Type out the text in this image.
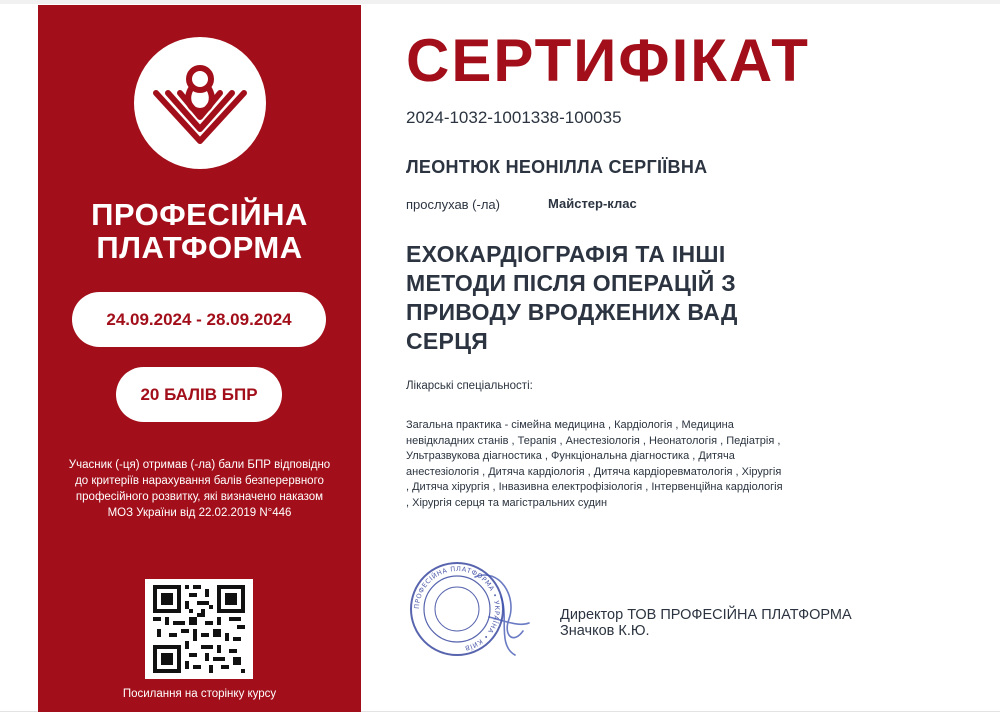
ПРОФЕСІЙНА
ПЛАТФОРМА
24.09.2024 - 28.09.2024
20 БАЛІВ БПР
Учасник (-ця) отримав (-ла) бали БПР відповідно до критеріїв нарахування балів безперервного професійного розвитку, які визначено наказом МОЗ України від 22.02.2019 N°446
Посилання на сторінку курсу
СЕРТИФІКАТ
2024-1032-1001338-100035
ЛЕОНТЮК НЕОНІЛЛА СЕРГІЇВНА
прослухав (-ла)	Майстер-клас
ЕХОКАРДІОГРАФІЯ ТА ІНШІ МЕТОДИ ПІСЛЯ ОПЕРАЦІЙ З ПРИВОДУ ВРОДЖЕНИХ ВАД СЕРЦЯ
Лікарські спеціальності:
Загальна практика - сімейна медицина , Кардіологія , Медицина невідкладних станів , Терапія , Анестезіологія , Неонатологія , Педіатрія , Ультразвукова діагностика , Функціональна діагностика , Дитяча анестезіологія , Дитяча кардіологія , Дитяча кардіоревматологія , Хірургія , Дитяча хірургія , Інвазивна електрофізіологія , Інтервенційна кардіологія , Хірургія серця та магістральних судин
ПРОФЕСІЙНА ПЛАТФОРМА • УКРАЇНА • КИЇВ
Директор ТОВ ПРОФЕСІЙНА ПЛАТФОРМА
Значков К.Ю.
